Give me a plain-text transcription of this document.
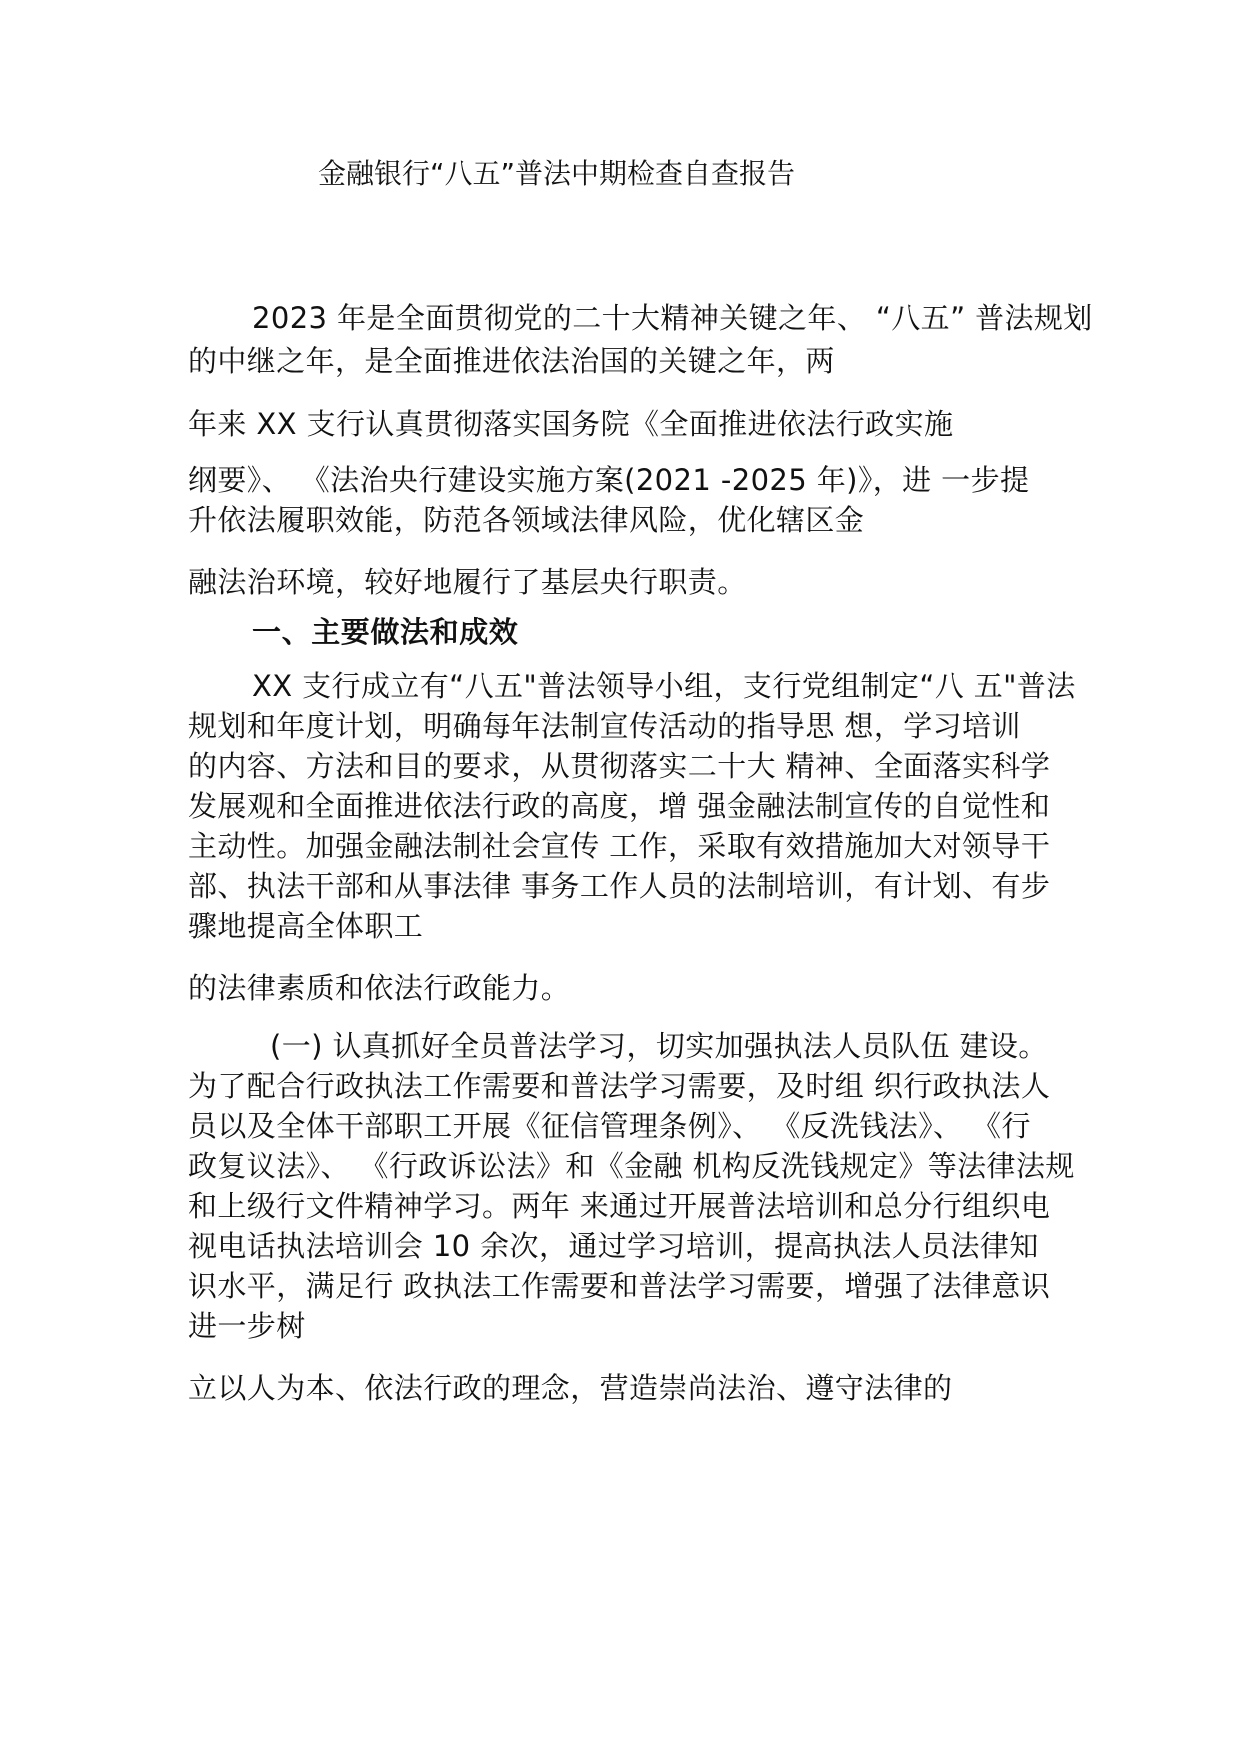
金融银行“八五”普法中期检查自查报告
2023 年是全面贯彻党的二十大精神关键之年、 “八五” 普法规划
的中继之年，是全面推进依法治国的关键之年，两
年来 XX 支行认真贯彻落实国务院《全面推进依法行政实施
纲要》、 《法治央行建设实施方案(2021 -2025 年)》，进 一步提
升依法履职效能，防范各领域法律风险，优化辖区金
融法治环境，较好地履行了基层央行职责。
一、主要做法和成效
XX 支行成立有“八五"普法领导小组，支行党组制定“八 五"普法
规划和年度计划，明确每年法制宣传活动的指导思 想，学习培训
的内容、方法和目的要求，从贯彻落实二十大 精神、全面落实科学
发展观和全面推进依法行政的高度，增 强金融法制宣传的自觉性和
主动性。加强金融法制社会宣传 工作，采取有效措施加大对领导干
部、执法干部和从事法律 事务工作人员的法制培训，有计划、有步
骤地提高全体职工
的法律素质和依法行政能力。
(一) 认真抓好全员普法学习，切实加强执法人员队伍 建设。
为了配合行政执法工作需要和普法学习需要，及时组 织行政执法人
员以及全体干部职工开展《征信管理条例》、 《反洗钱法》、 《行
政复议法》、 《行政诉讼法》和《金融 机构反洗钱规定》等法律法规
和上级行文件精神学习。两年 来通过开展普法培训和总分行组织电
视电话执法培训会 10 余次，通过学习培训，提高执法人员法律知
识水平，满足行 政执法工作需要和普法学习需要，增强了法律意识
进一步树
立以人为本、依法行政的理念，营造崇尚法治、遵守法律的
